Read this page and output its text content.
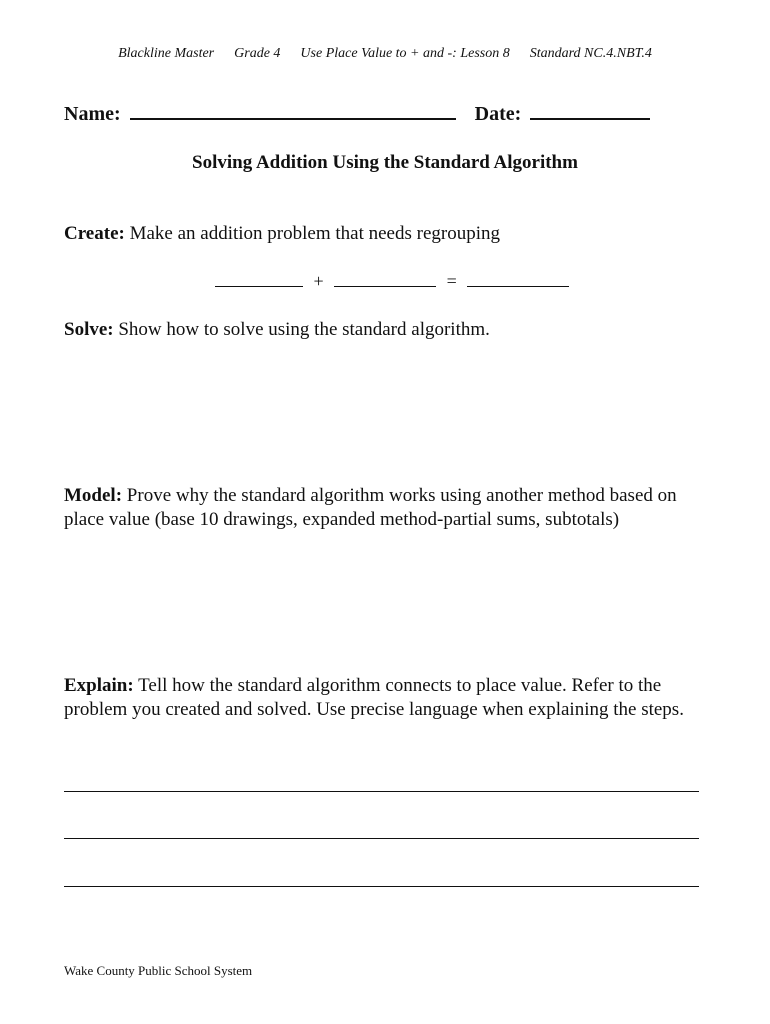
Blackline Master Grade 4 Use Place Value to + and -: Lesson 8 Standard NC.4.NBT.4
Name:	Date:
Solving Addition Using the Standard Algorithm
Create: Make an addition problem that needs regrouping
+	=
Solve: Show how to solve using the standard algorithm.
Model: Prove why the standard algorithm works using another method based on place value (base 10 drawings, expanded method-partial sums, subtotals)
Explain: Tell how the standard algorithm connects to place value. Refer to the problem you created and solved. Use precise language when explaining the steps.
Wake County Public School System
